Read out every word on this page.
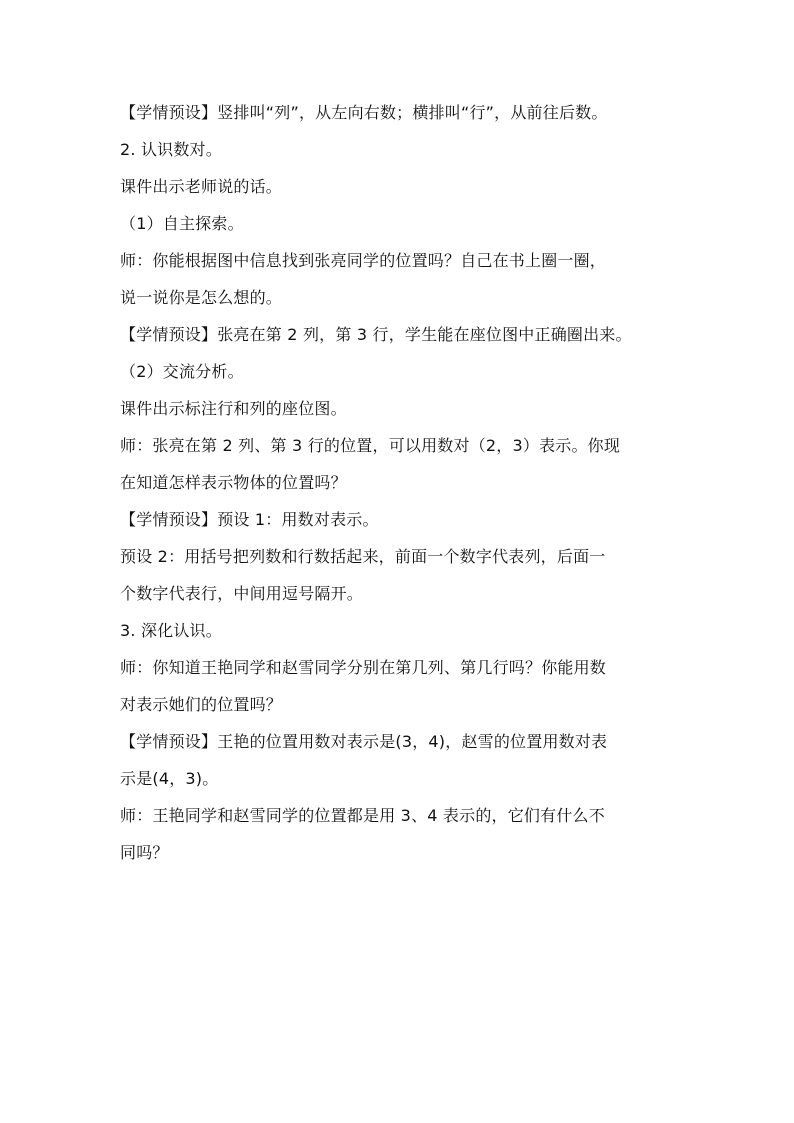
【学情预设】竖排叫“列”，从左向右数；横排叫“行”，从前往后数。

2. 认识数对。

课件出示老师说的话。

（1）自主探索。

师：你能根据图中信息找到张亮同学的位置吗？自己在书上圈一圈，

说一说你是怎么想的。

【学情预设】张亮在第 2 列，第 3 行，学生能在座位图中正确圈出来。

（2）交流分析。

课件出示标注行和列的座位图。

师：张亮在第 2 列、第 3 行的位置，可以用数对（2，3）表示。你现

在知道怎样表示物体的位置吗？

【学情预设】预设 1：用数对表示。

预设 2：用括号把列数和行数括起来，前面一个数字代表列，后面一

个数字代表行，中间用逗号隔开。

3. 深化认识。

师：你知道王艳同学和赵雪同学分别在第几列、第几行吗？你能用数

对表示她们的位置吗？

【学情预设】王艳的位置用数对表示是(3，4)，赵雪的位置用数对表

示是(4，3)。

师：王艳同学和赵雪同学的位置都是用 3、4 表示的，它们有什么不

同吗？
